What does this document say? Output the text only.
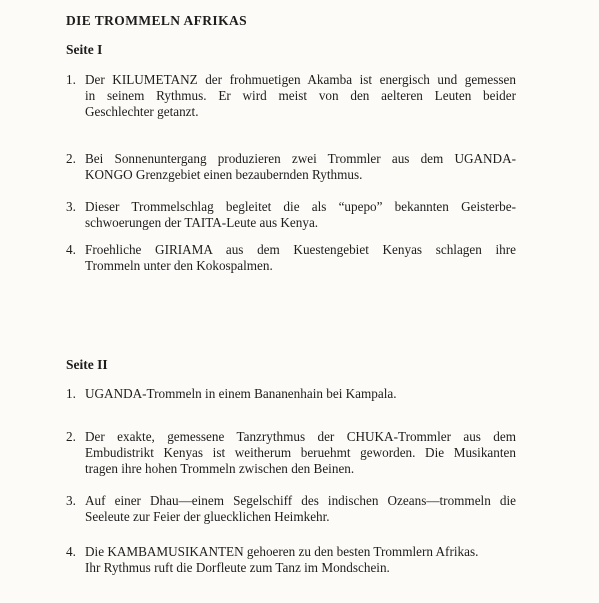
DIE TROMMELN AFRIKAS
Seite I
1. Der KILUMETANZ der frohmuetigen Akamba ist energisch und gemessen
in seinem Rythmus. Er wird meist von den aelteren Leuten beider
Geschlechter getanzt.
2. Bei Sonnenuntergang produzieren zwei Trommler aus dem UGANDA-
KONGO Grenzgebiet einen bezaubernden Rythmus.
3. Dieser Trommelschlag begleitet die als “upepo” bekannten Geisterbe-
schwoerungen der TAITA-Leute aus Kenya.
4. Froehliche GIRIAMA aus dem Kuestengebiet Kenyas schlagen ihre
Trommeln unter den Kokospalmen.
Seite II
1. UGANDA-Trommeln in einem Bananenhain bei Kampala.
2. Der exakte, gemessene Tanzrythmus der CHUKA-Trommler aus dem
Embudistrikt Kenyas ist weitherum beruehmt geworden. Die Musikanten
tragen ihre hohen Trommeln zwischen den Beinen.
3. Auf einer Dhau—einem Segelschiff des indischen Ozeans—trommeln die
Seeleute zur Feier der gluecklichen Heimkehr.
4. Die KAMBAMUSIKANTEN gehoeren zu den besten Trommlern Afrikas.
Ihr Rythmus ruft die Dorfleute zum Tanz im Mondschein.
